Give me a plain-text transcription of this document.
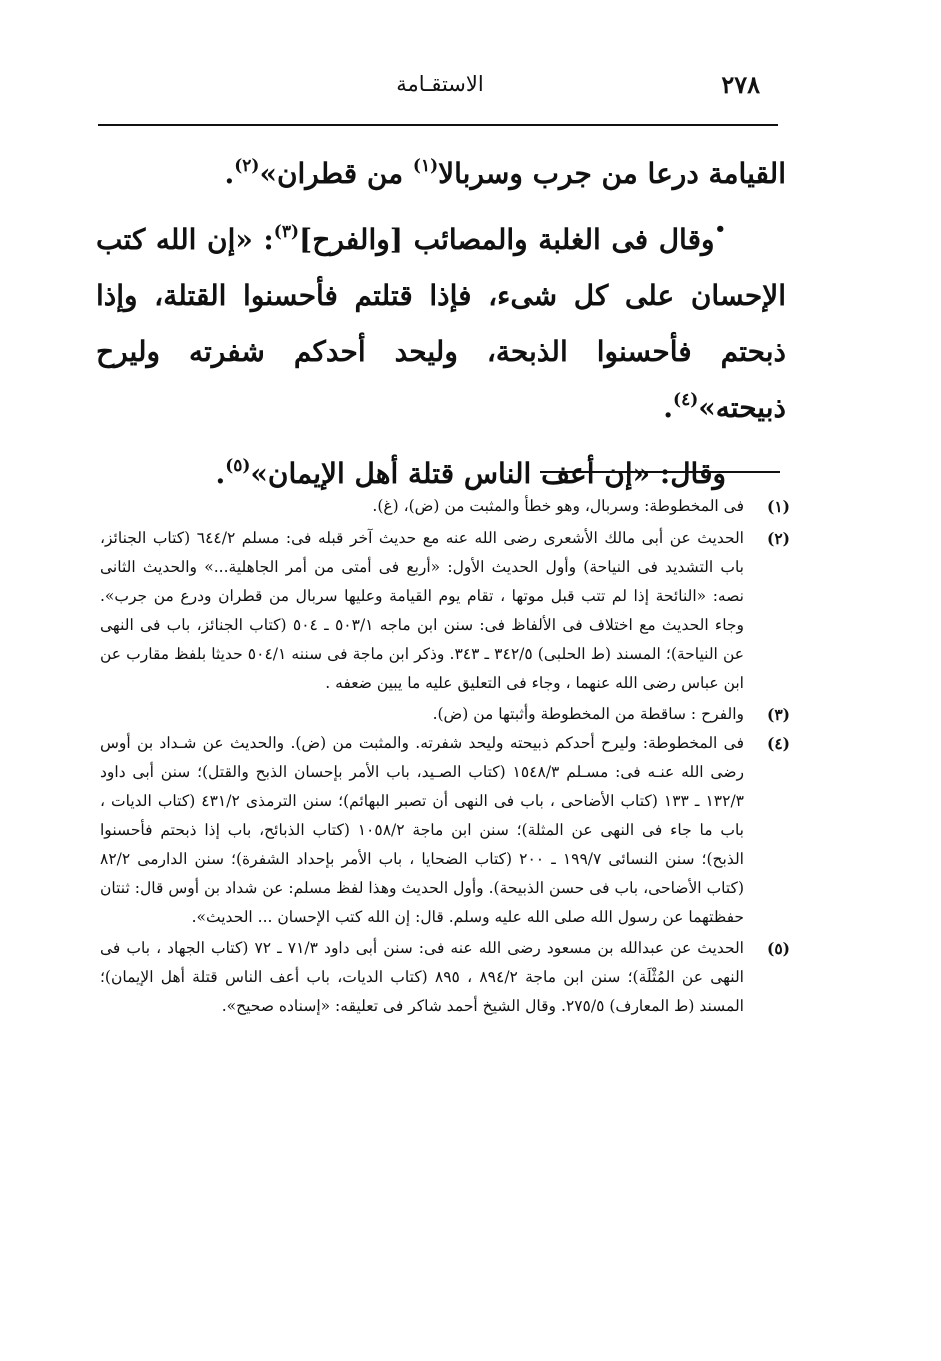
٢٧٨
الاستقـامة

القيامة درعا من جرب وسربالا$^{(١)}$ من قطران»$^{(٢)}$.

•وقال فى الغلبة والمصائب [والفرح]$^{(٣)}$: «إن الله كتب الإحسان على كل شىء، فإذا قتلتم فأحسنوا القتلة، وإذا ذبحتم فأحسنوا الذبحة، وليحد أحدكم شفرته وليرح ذبيحته»$^{(٤)}$.

وقال: «إن أعف الناس قتلة أهل الإيمان»$^{(٥)}$.

(١)
فى المخطوطة: وسربال، وهو خطأ والمثبت من (ض)، (غ).
(٢)
الحديث عن أبى مالك الأشعرى رضى الله عنه مع حديث آخر قبله فى: مسلم ٦٤٤/٢ (كتاب الجنائز، باب التشديد فى النياحة) وأول الحديث الأول: «أربع فى أمتى من أمر الجاهلية...» والحديث الثانى نصه: «النائحة إذا لم تتب قبل موتها ، تقام يوم القيامة وعليها سربال من قطران ودرع من جرب». وجاء الحديث مع اختلاف فى الألفاظ فى: سنن ابن ماجه ٥٠٣/١ ـ ٥٠٤ (كتاب الجنائز، باب فى النهى عن النياحة)؛ المسند (ط الحلبى) ٣٤٢/٥ ـ ٣٤٣. وذكر ابن ماجة فى سننه ٥٠٤/١ حديثا بلفظ مقارب عن ابن عباس رضى الله عنهما ، وجاء فى التعليق عليه ما يبين ضعفه .
(٣)
والفرح : ساقطة من المخطوطة وأثبتها من (ض).
(٤)
فى المخطوطة: وليرح أحدكم ذبيحته وليحد شفرته. والمثبت من (ض). والحديث عن شـداد بن أوس رضى الله عنـه فى: مسـلم ١٥٤٨/٣ (كتاب الصـيد، باب الأمر بإحسان الذبح والقتل)؛ سنن أبى داود ١٣٢/٣ ـ ١٣٣ (كتاب الأضاحى ، باب فى النهى أن تصبر البهائم)؛ سنن الترمذى ٤٣١/٢ (كتاب الديات ، باب ما جاء فى النهى عن المثلة)؛ سنن ابن ماجة ١٠٥٨/٢ (كتاب الذبائح، باب إذا ذبحتم فأحسنوا الذبح)؛ سنن النسائى ١٩٩/٧ ـ ٢٠٠ (كتاب الضحايا ، باب الأمر بإحداد الشفرة)؛ سنن الدارمى ٨٢/٢ (كتاب الأضاحى، باب فى حسن الذبيحة). وأول الحديث وهذا لفظ مسلم: عن شداد بن أوس قال: ثنتان حفظتهما عن رسول الله صلى الله عليه وسلم. قال: إن الله كتب الإحسان ... الحديث».
(٥)
الحديث عن عبدالله بن مسعود رضى الله عنه فى: سنن أبى داود ٧١/٣ ـ ٧٢ (كتاب الجهاد ، باب فى النهى عن المُثْلَة)؛ سنن ابن ماجة ٨٩٤/٢ ، ٨٩٥ (كتاب الديات، باب أعف الناس قتلة أهل الإيمان)؛ المسند (ط المعارف) ٢٧٥/٥. وقال الشيخ أحمد شاكر فى تعليقه: «إسناده صحيح».
